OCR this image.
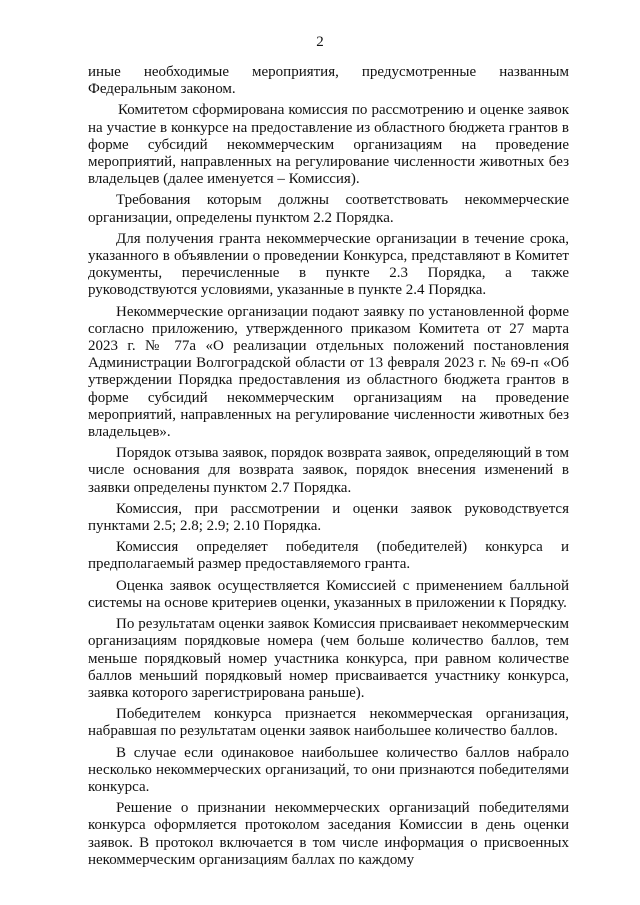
2

иные необходимые мероприятия, предусмотренные названным Федеральным законом.

Комитетом сформирована комиссия по рассмотрению и оценке заявок на участие в конкурсе на предоставление из областного бюджета грантов в форме субсидий некоммерческим организациям на проведение мероприятий, направленных на регулирование численности животных без владельцев (далее именуется – Комиссия).

Требования которым должны соответствовать некоммерческие организации, определены пунктом 2.2 Порядка.

Для получения гранта некоммерческие организации в течение срока, указанного в объявлении о проведении Конкурса, представляют в Комитет документы, перечисленные в пункте 2.3 Порядка, а также руководствуются условиями, указанные в пункте 2.4 Порядка.

Некоммерческие организации подают заявку по установленной форме согласно приложению, утвержденного приказом Комитета от 27 марта 2023 г. № 77а «О реализации отдельных положений постановления Администрации Волгоградской области от 13 февраля 2023 г. № 69-п «Об утверждении Порядка предоставления из областного бюджета грантов в форме субсидий некоммерческим организациям на проведение мероприятий, направленных на регулирование численности животных без владельцев».

Порядок отзыва заявок, порядок возврата заявок, определяющий в том числе основания для возврата заявок, порядок внесения изменений в заявки определены пунктом 2.7 Порядка.

Комиссия, при рассмотрении и оценки заявок руководствуется пунктами 2.5; 2.8; 2.9; 2.10 Порядка.

Комиссия определяет победителя (победителей) конкурса и предполагаемый размер предоставляемого гранта.

Оценка заявок осуществляется Комиссией с применением балльной системы на основе критериев оценки, указанных в приложении к Порядку.

По результатам оценки заявок Комиссия присваивает некоммерческим организациям порядковые номера (чем больше количество баллов, тем меньше порядковый номер участника конкурса, при равном количестве баллов меньший порядковый номер присваивается участнику конкурса, заявка которого зарегистрирована раньше).

Победителем конкурса признается некоммерческая организация, набравшая по результатам оценки заявок наибольшее количество баллов.

В случае если одинаковое наибольшее количество баллов набрало несколько некоммерческих организаций, то они признаются победителями конкурса.

Решение о признании некоммерческих организаций победителями конкурса оформляется протоколом заседания Комиссии в день оценки заявок. В протокол включается в том числе информация о присвоенных некоммерческим организациям баллах по каждому
